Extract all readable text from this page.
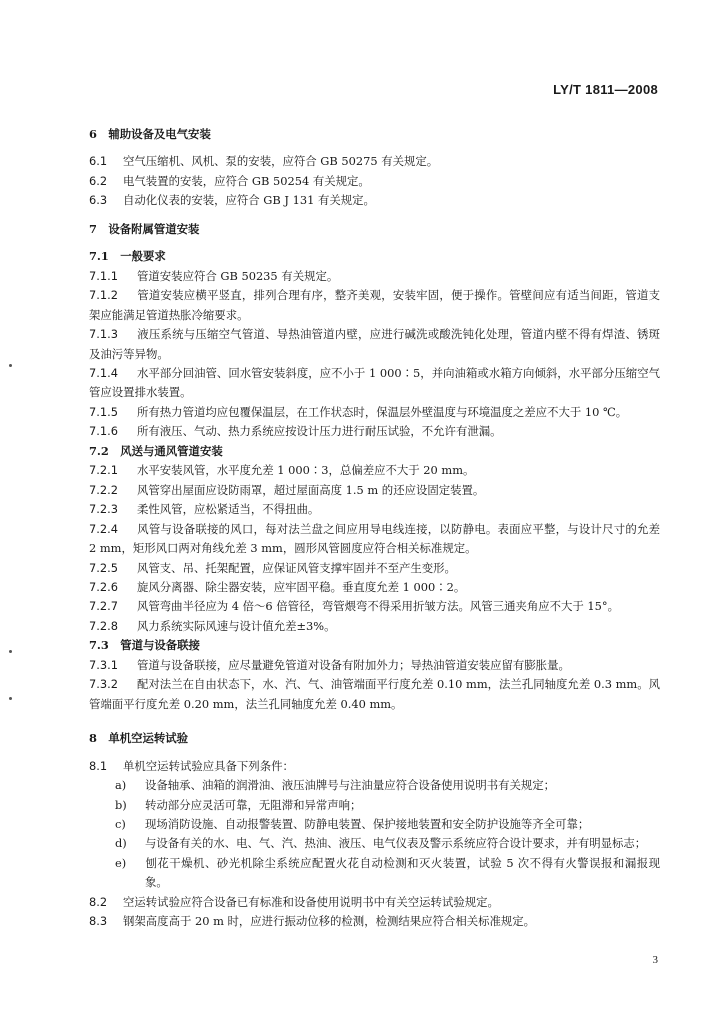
LY/T 1811—2008
6　辅助设备及电气安装
6.1 空气压缩机、风机、泵的安装，应符合 GB 50275 有关规定。
6.2 电气装置的安装，应符合 GB 50254 有关规定。
6.3 自动化仪表的安装，应符合 GB J 131 有关规定。
7　设备附属管道安装
7.1　一般要求
7.1.1 管道安装应符合 GB 50235 有关规定。
7.1.2 管道安装应横平竖直，排列合理有序，整齐美观，安装牢固，便于操作。管壁间应有适当间距，管道支架应能满足管道热胀冷缩要求。
7.1.3 液压系统与压缩空气管道、导热油管道内壁，应进行碱洗或酸洗钝化处理，管道内壁不得有焊渣、锈斑及油污等异物。
7.1.4 水平部分回油管、回水管安装斜度，应不小于 1 000∶5，并向油箱或水箱方向倾斜，水平部分压缩空气管应设置排水装置。
7.1.5 所有热力管道均应包覆保温层，在工作状态时，保温层外壁温度与环境温度之差应不大于 10 ℃。
7.1.6 所有液压、气动、热力系统应按设计压力进行耐压试验，不允许有泄漏。
7.2　风送与通风管道安装
7.2.1 水平安装风管，水平度允差 1 000∶3，总偏差应不大于 20 mm。
7.2.2 风管穿出屋面应设防雨罩，超过屋面高度 1.5 m 的还应设固定装置。
7.2.3 柔性风管，应松紧适当，不得扭曲。
7.2.4 风管与设备联接的风口，每对法兰盘之间应用导电线连接，以防静电。表面应平整，与设计尺寸的允差 2 mm，矩形风口两对角线允差 3 mm，圆形风管圆度应符合相关标准规定。
7.2.5 风管支、吊、托架配置，应保证风管支撑牢固并不至产生变形。
7.2.6 旋风分离器、除尘器安装，应牢固平稳。垂直度允差 1 000∶2。
7.2.7 风管弯曲半径应为 4 倍～6 倍管径，弯管煨弯不得采用折皱方法。风管三通夹角应不大于 15°。
7.2.8 风力系统实际风速与设计值允差±3%。
7.3　管道与设备联接
7.3.1 管道与设备联接，应尽量避免管道对设备有附加外力；导热油管道安装应留有膨胀量。
7.3.2 配对法兰在自由状态下，水、汽、气、油管端面平行度允差 0.10 mm，法兰孔同轴度允差 0.3 mm。风管端面平行度允差 0.20 mm，法兰孔同轴度允差 0.40 mm。
8　单机空运转试验
8.1 单机空运转试验应具备下列条件：
a) 设备轴承、油箱的润滑油、液压油牌号与注油量应符合设备使用说明书有关规定；
b) 转动部分应灵活可靠，无阻滞和异常声响；
c) 现场消防设施、自动报警装置、防静电装置、保护接地装置和安全防护设施等齐全可靠；
d) 与设备有关的水、电、气、汽、热油、液压、电气仪表及警示系统应符合设计要求，并有明显标志；
e) 刨花干燥机、砂光机除尘系统应配置火花自动检测和灭火装置，试验 5 次不得有火警误报和漏报现象。
8.2 空运转试验应符合设备已有标准和设备使用说明书中有关空运转试验规定。
8.3 钢架高度高于 20 m 时，应进行振动位移的检测，检测结果应符合相关标准规定。
3
